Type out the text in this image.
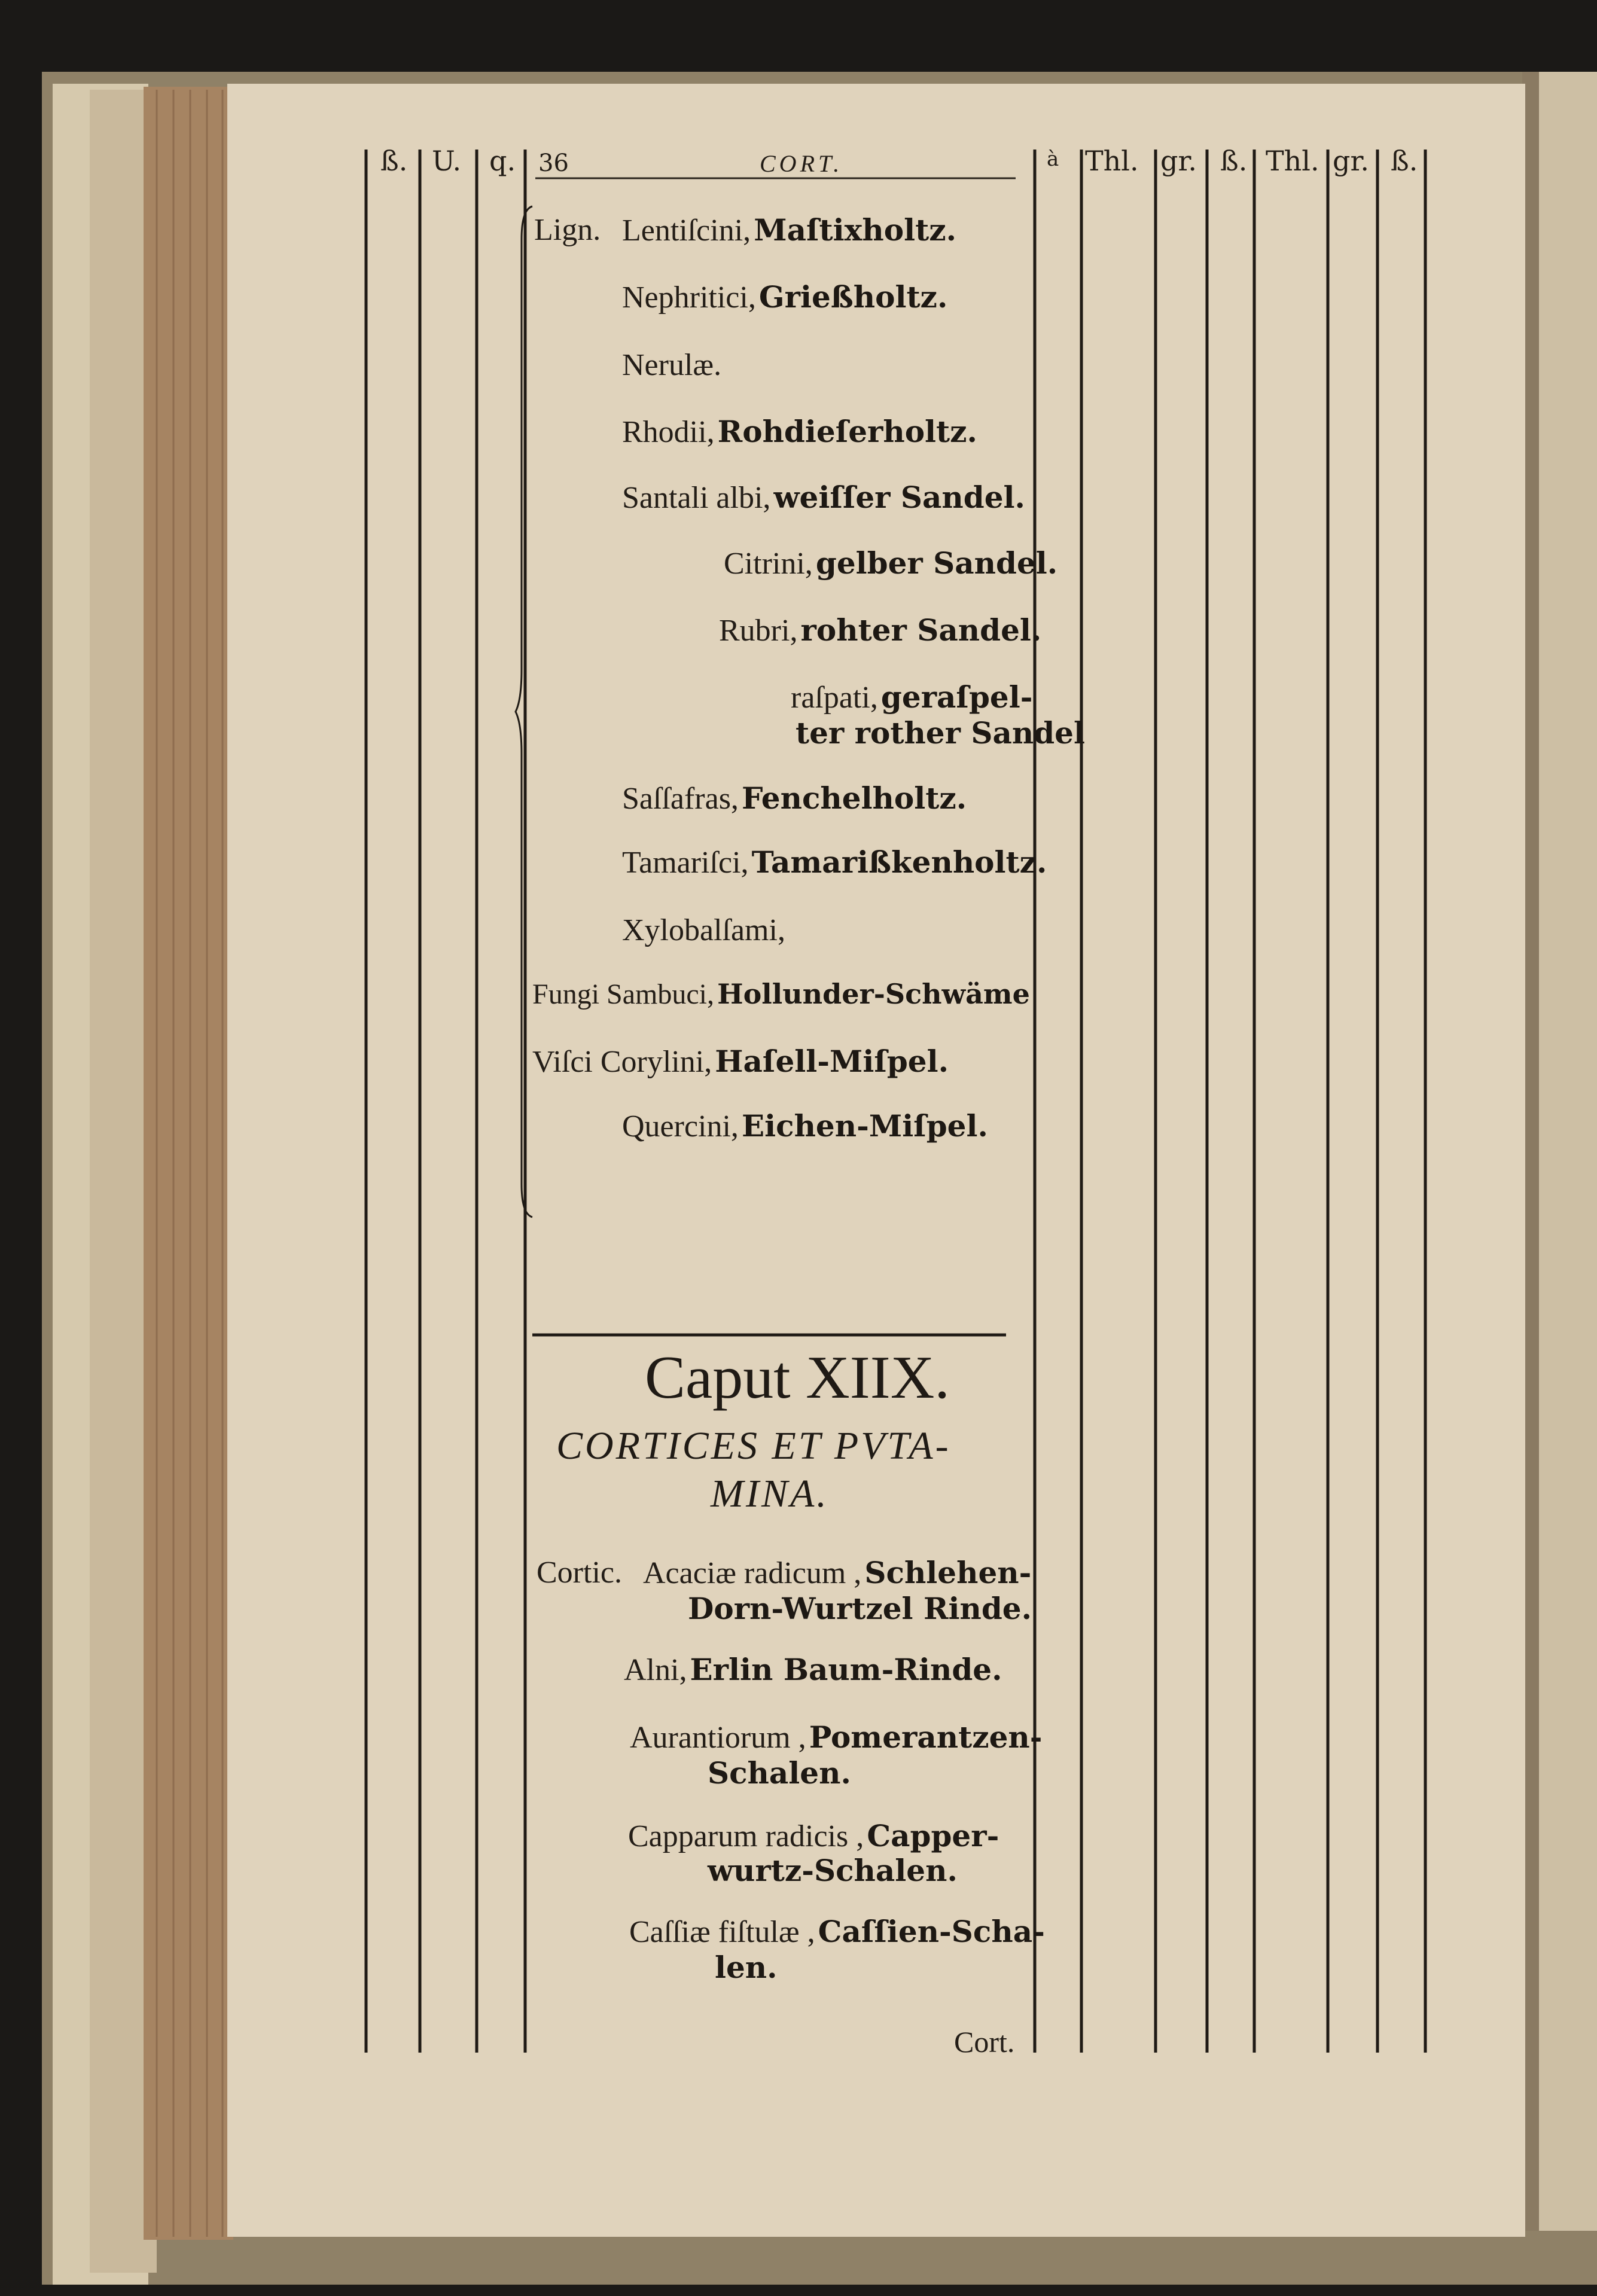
ß. U. q. 36	CORT.	à Thl. gr. ß. Thl. gr. ß.
Lign. Lentiſcini, Maſtixholtz.
Nephritici, Grießholtz.
Nerulæ.
Rhodii, Rohdieſerholtz.
Santali albi, weiſſer Sandel.
Citrini, gelber Sandel.
Rubri, rohter Sandel.
raſpati, geraſpel-
ter rother Sandel
Saſſafras, Fenchelholtz.
Tamariſci, Tamarißkenholtz.
Xylobalſami,
Fungi Sambuci, Hollunder-Schwäme
Viſci Corylini, Haſell-Miſpel.
Quercini, Eichen-Miſpel.
Caput XIIX.
CORTICES ET PVTA-
MINA.
Cortic. Acaciæ radicum , Schlehen-
Dorn-Wurtzel Rinde.
Alni, Erlin Baum-Rinde.
Aurantiorum , Pomerantzen-
Schalen.
Capparum radicis , Capper-
wurtz-Schalen.
Caſſiæ fiſtulæ , Caſſien-Scha-
len.
Cort.
